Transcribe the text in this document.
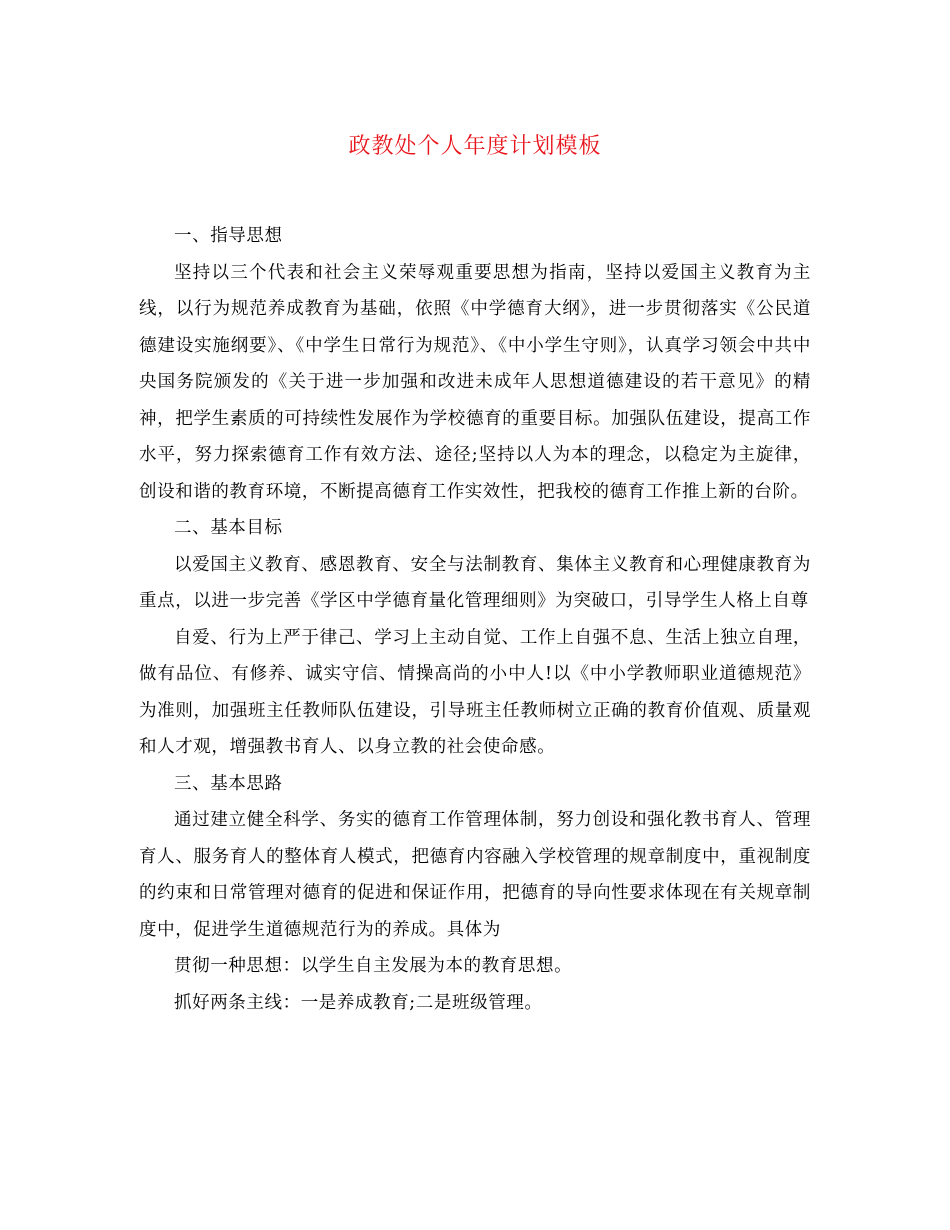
政教处个人年度计划模板

一、指导思想

坚持以三个代表和社会主义荣辱观重要思想为指南，坚持以爱国主义教育为主线，以行为规范养成教育为基础，依照《中学德育大纲》，进一步贯彻落实《公民道德建设实施纲要》、《中学生日常行为规范》、《中小学生守则》，认真学习领会中共中央国务院颁发的《关于进一步加强和改进未成年人思想道德建设的若干意见》的精神，把学生素质的可持续性发展作为学校德育的重要目标。加强队伍建设，提高工作水平，努力探索德育工作有效方法、途径;坚持以人为本的理念，以稳定为主旋律，创设和谐的教育环境，不断提高德育工作实效性，把我校的德育工作推上新的台阶。

二、基本目标

以爱国主义教育、感恩教育、安全与法制教育、集体主义教育和心理健康教育为重点，以进一步完善《学区中学德育量化管理细则》为突破口，引导学生人格上自尊

自爱、行为上严于律己、学习上主动自觉、工作上自强不息、生活上独立自理，做有品位、有修养、诚实守信、情操高尚的小中人!以《中小学教师职业道德规范》为准则，加强班主任教师队伍建设，引导班主任教师树立正确的教育价值观、质量观和人才观，增强教书育人、以身立教的社会使命感。

三、基本思路

通过建立健全科学、务实的德育工作管理体制，努力创设和强化教书育人、管理育人、服务育人的整体育人模式，把德育内容融入学校管理的规章制度中，重视制度的约束和日常管理对德育的促进和保证作用，把德育的导向性要求体现在有关规章制度中，促进学生道德规范行为的养成。具体为

贯彻一种思想：以学生自主发展为本的教育思想。

抓好两条主线：一是养成教育;二是班级管理。
